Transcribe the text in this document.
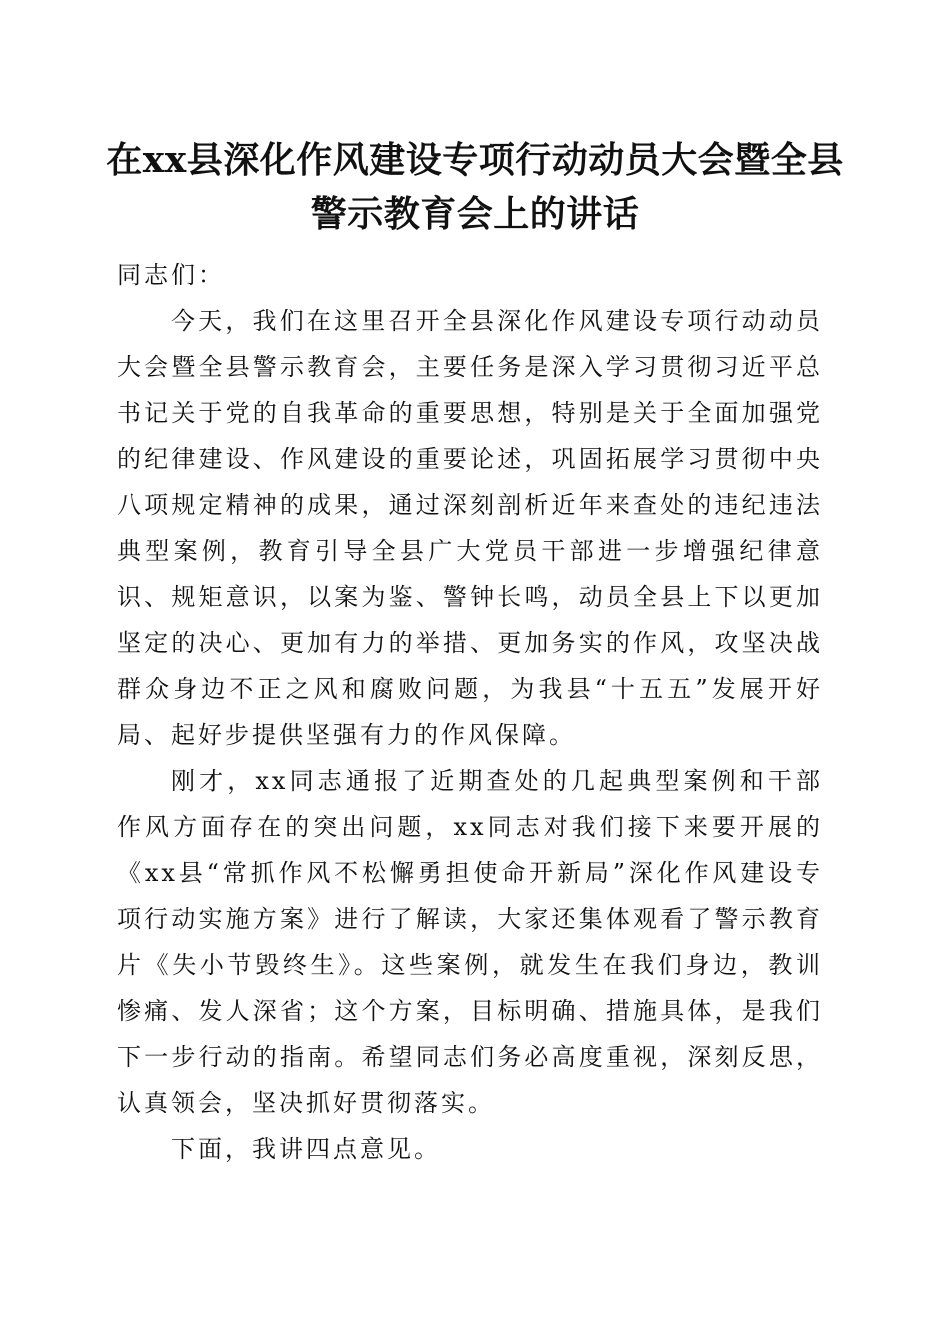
在xx县深化作风建设专项行动动员大会暨全县警示教育会上的讲话

同志们：

今天，我们在这里召开全县深化作风建设专项行动动员大会暨全县警示教育会，主要任务是深入学习贯彻习近平总书记关于党的自我革命的重要思想，特别是关于全面加强党的纪律建设、作风建设的重要论述，巩固拓展学习贯彻中央八项规定精神的成果，通过深刻剖析近年来查处的违纪违法典型案例，教育引导全县广大党员干部进一步增强纪律意识、规矩意识，以案为鉴、警钟长鸣，动员全县上下以更加坚定的决心、更加有力的举措、更加务实的作风，攻坚决战群众身边不正之风和腐败问题，为我县“十五五”发展开好局、起好步提供坚强有力的作风保障。

刚才，xx同志通报了近期查处的几起典型案例和干部作风方面存在的突出问题，xx同志对我们接下来要开展的《xx县“常抓作风不松懈勇担使命开新局”深化作风建设专项行动实施方案》进行了解读，大家还集体观看了警示教育片《失小节毁终生》。这些案例，就发生在我们身边，教训惨痛、发人深省；这个方案，目标明确、措施具体，是我们下一步行动的指南。希望同志们务必高度重视，深刻反思，认真领会，坚决抓好贯彻落实。

下面，我讲四点意见。
